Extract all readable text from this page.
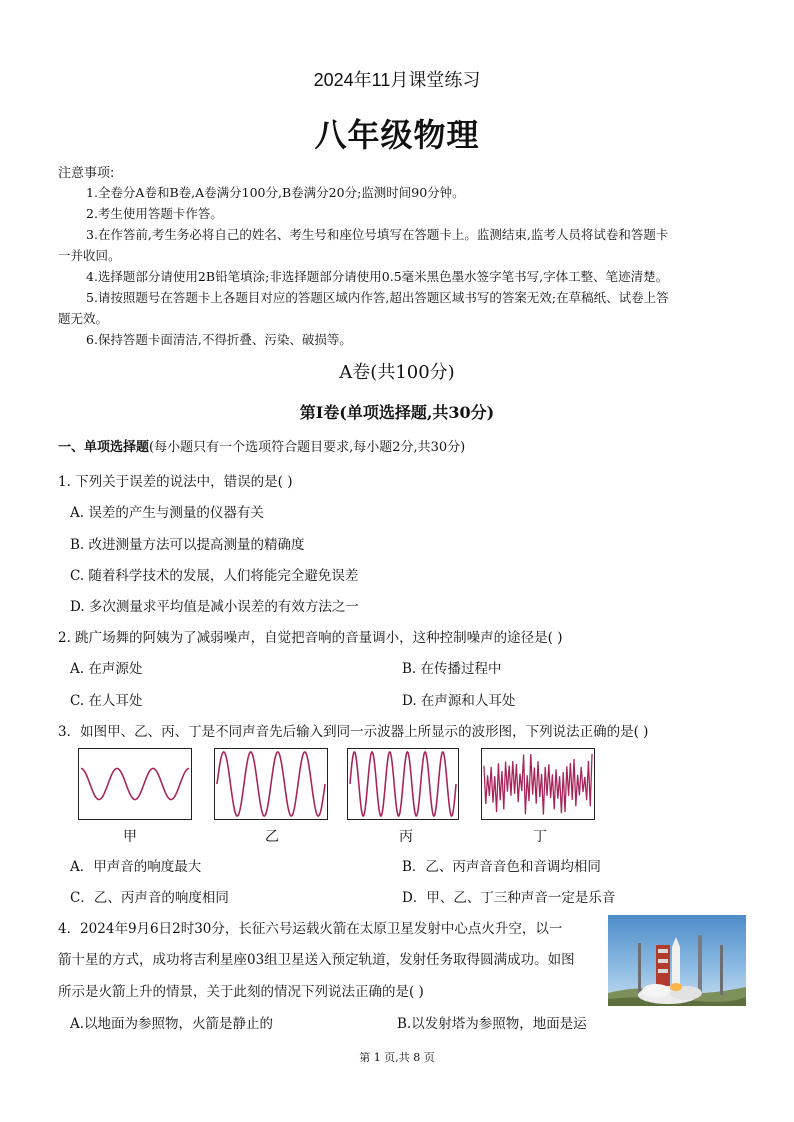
2024年11月课堂练习
八年级物理
注意事项:
1.全卷分A卷和B卷,A卷满分100分,B卷满分20分;监测时间90分钟。
2.考生使用答题卡作答。
3.在作答前,考生务必将自己的姓名、考生号和座位号填写在答题卡上。监测结束,监考人员将试卷和答题卡
一并收回。
4.选择题部分请使用2B铅笔填涂;非选择题部分请使用0.5毫米黑色墨水签字笔书写,字体工整、笔迹清楚。
5.请按照题号在答题卡上各题目对应的答题区域内作答,超出答题区域书写的答案无效;在草稿纸、试卷上答
题无效。
6.保持答题卡面清洁,不得折叠、污染、破损等。
A卷(共100分)
第Ⅰ卷(单项选择题,共30分)
一、单项选择题(每小题只有一个选项符合题目要求,每小题2分,共30分)
1. 下列关于误差的说法中，错误的是( )
A. 误差的产生与测量的仪器有关
B. 改进测量方法可以提高测量的精确度
C. 随着科学技术的发展，人们将能完全避免误差
D. 多次测量求平均值是减小误差的有效方法之一
2. 跳广场舞的阿姨为了减弱噪声，自觉把音响的音量调小，这种控制噪声的途径是( )
A. 在声源处	B. 在传播过程中
C. 在人耳处	D. 在声源和人耳处
3．如图甲、乙、丙、丁是不同声音先后输入到同一示波器上所显示的波形图，下列说法正确的是( )
甲	乙	丙	丁
A．甲声音的响度最大	B．乙、丙声音音色和音调均相同
C．乙、丙声音的响度相同	D．甲、乙、丁三种声音一定是乐音
4．2024年9月6日2时30分，长征六号运载火箭在太原卫星发射中心点火升空，以一
箭十星的方式，成功将吉利星座03组卫星送入预定轨道，发射任务取得圆满成功。如图
所示是火箭上升的情景，关于此刻的情况下列说法正确的是( )
A.以地面为参照物，火箭是静止的	B.以发射塔为参照物，地面是运
第 1 页,共 8 页
